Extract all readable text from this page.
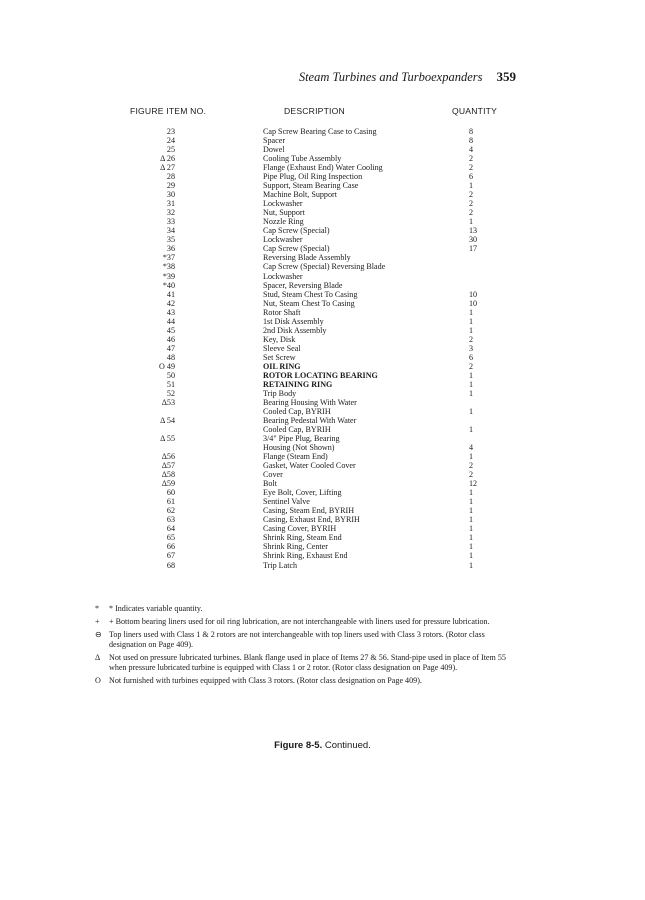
Steam Turbines and Turboexpanders 359
FIGURE ITEM NO.	DESCRIPTION	QUANTITY
23	Cap Screw Bearing Case to Casing	8
24	Spacer	8
25	Dowel	4
Δ 26	Cooling Tube Assembly	2
Δ 27	Flange (Exhaust End) Water Cooling	2
28	Pipe Plug, Oil Ring Inspection	6
29	Support, Steam Bearing Case	1
30	Machine Bolt, Support	2
31	Lockwasher	2
32	Nut, Support	2
33	Nozzle Ring	1
34	Cap Screw (Special)	13
35	Lockwasher	30
36	Cap Screw (Special)	17
*37	Reversing Blade Assembly
*38	Cap Screw (Special) Reversing Blade
*39	Lockwasher
*40	Spacer, Reversing Blade
41	Stud, Steam Chest To Casing	10
42	Nut, Steam Chest To Casing	10
43	Rotor Shaft	1
44	1st Disk Assembly	1
45	2nd Disk Assembly	1
46	Key, Disk	2
47	Sleeve Seal	3
48	Set Screw	6
O 49	OIL RING	2
50	ROTOR LOCATING BEARING	1
51	RETAINING RING	1
52	Trip Body	1
Δ53	Bearing Housing With Water
Cooled Cap, BYRIH	1
Δ 54	Bearing Pedestal With Water
Cooled Cap, BYRIH	1
Δ 55	3/4" Pipe Plug, Bearing
Housing (Not Shown)	4
Δ56	Flange (Steam End)	1
Δ57	Gasket, Water Cooled Cover	2
Δ58	Cover	2
Δ59	Bolt	12
60	Eye Bolt, Cover, Lifting	1
61	Sentinel Valve	1
62	Casing, Steam End, BYRIH	1
63	Casing, Exhaust End, BYRIH	1
64	Casing Cover, BYRIH	1
65	Shrink Ring, Steam End	1
66	Shrink Ring, Center	1
67	Shrink Ring, Exhaust End	1
68	Trip Latch	1
* * Indicates variable quantity.
+ + Bottom bearing liners used for oil ring lubrication, are not interchangeable with liners used for pressure lubrication.
⊖ Top liners used with Class 1 & 2 rotors are not interchangeable with top liners used with Class 3 rotors. (Rotor class designation on Page 409).
Δ Not used on pressure lubricated turbines. Blank flange used in place of Items 27 & 56. Stand-pipe used in place of Item 55 when pressure lubricated turbine is equipped with Class 1 or 2 rotor. (Rotor class designation on Page 409).
O Not furnished with turbines equipped with Class 3 rotors. (Rotor class designation on Page 409).
Figure 8-5. Continued.
